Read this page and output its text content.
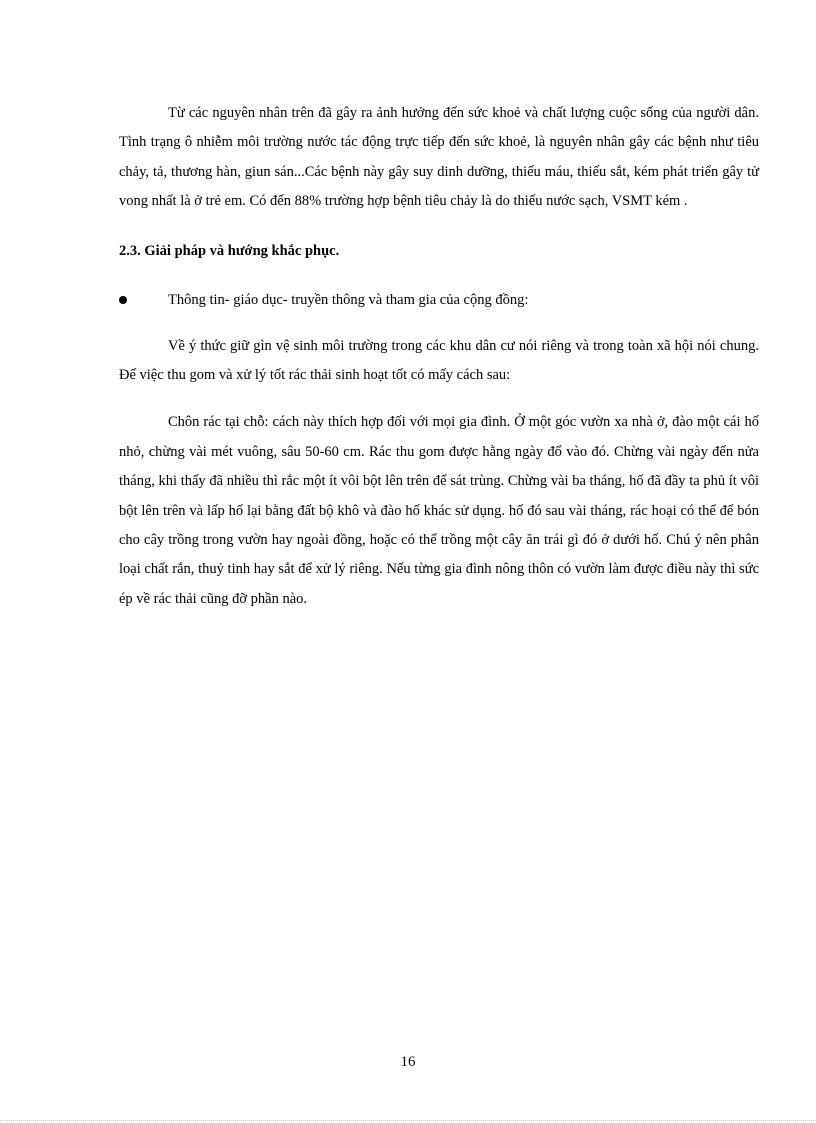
Từ các nguyên nhân trên đã gây ra ảnh hưởng đến sức khoẻ và chất lượng cuộc sống của người dân. Tình trạng ô nhiễm môi trường nước tác động trực tiếp đến sức khoẻ, là nguyên nhân gây các bệnh như tiêu chảy, tả, thương hàn, giun sán...Các bệnh này gây suy dinh dưỡng, thiếu máu, thiếu sắt, kém phát triển gây tử vong nhất là ở trẻ em. Có đến 88% trường hợp bệnh tiêu chảy là do thiếu nước sạch, VSMT kém .

2.3. Giải pháp và hướng khắc phục.

Thông tin- giáo dục- truyền thông và tham gia của cộng đồng:

Về ý thức giữ gìn vệ sinh môi trường trong các khu dân cư nói riêng và trong toàn xã hội nói chung. Để việc thu gom và xử lý tốt rác thải sinh hoạt tốt có mấy cách sau:

Chôn rác tại chỗ: cách này thích hợp đối với mọi gia đình. Ở một góc vườn xa nhà ở, đào một cái hố nhỏ, chừng vài mét vuông, sâu 50-60 cm. Rác thu gom được hằng ngày đổ vào đó. Chừng vài ngày đến nửa tháng, khi thấy đã nhiều thì rắc một ít vôi bột lên trên để sát trùng. Chừng vài ba tháng, hố đã đầy ta phủ ít vôi bột lên trên và lấp hố lại bằng đất bộ khô và đào hố khác sử dụng. hố đó sau vài tháng, rác hoại có thể để bón cho cây trồng trong vườn hay ngoài đồng, hoặc có thể trồng một cây ăn trái gì đó ở dưới hố. Chú ý nên phân loại chất rắn, thuỷ tinh hay sắt để xử lý riêng. Nếu từng gia đình nông thôn có vườn làm được điều này thì sức ép về rác thải cũng đỡ phần nào.

16
